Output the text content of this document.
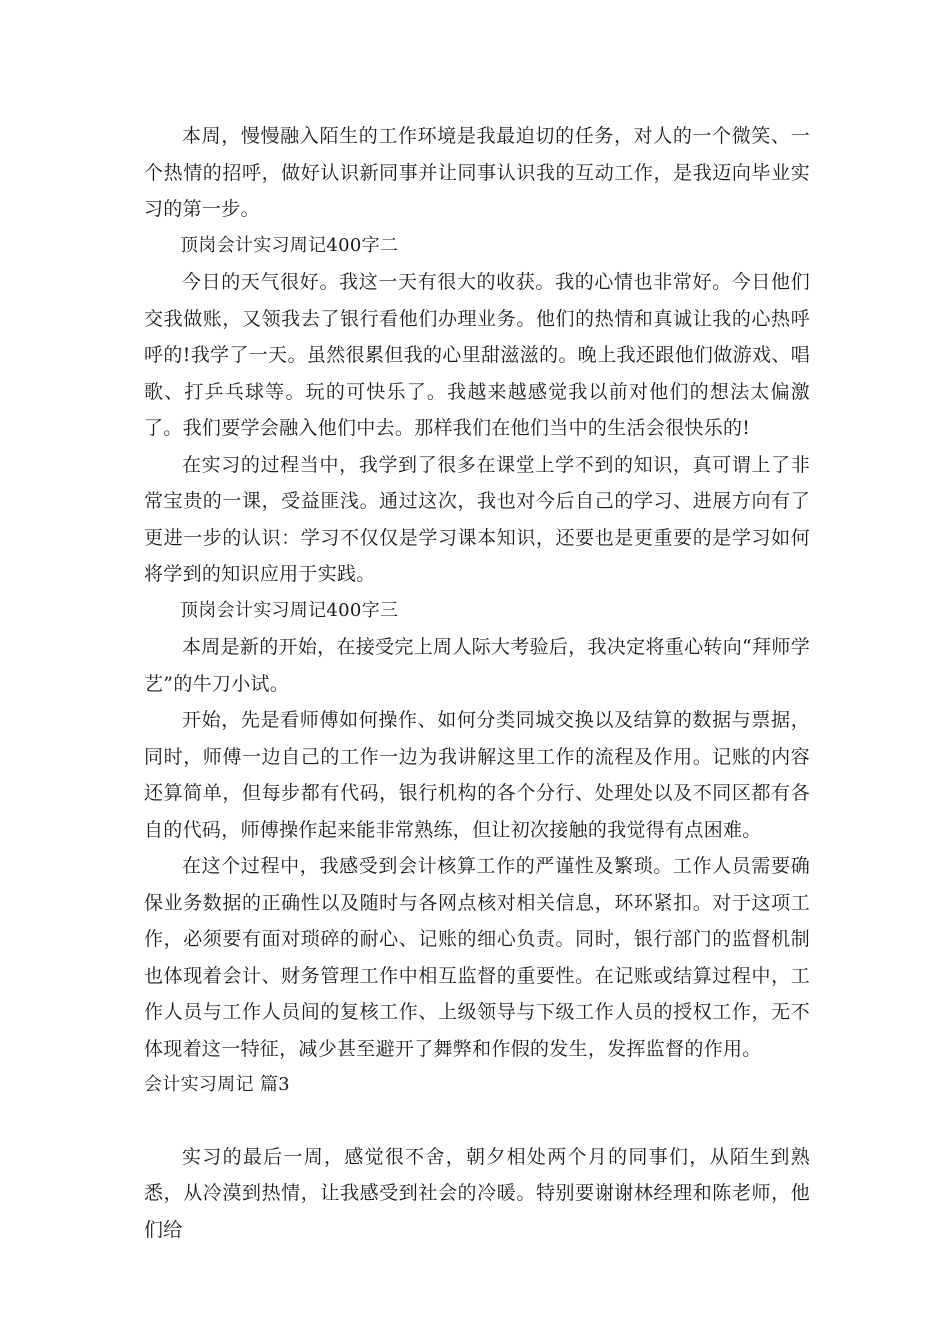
本周，慢慢融入陌生的工作环境是我最迫切的任务，对人的一个微笑、一个热情的招呼，做好认识新同事并让同事认识我的互动工作，是我迈向毕业实习的第一步。

顶岗会计实习周记400字二

今日的天气很好。我这一天有很大的收获。我的心情也非常好。今日他们交我做账，又领我去了银行看他们办理业务。他们的热情和真诚让我的心热呼呼的!我学了一天。虽然很累但我的心里甜滋滋的。晚上我还跟他们做游戏、唱歌、打乒乓球等。玩的可快乐了。我越来越感觉我以前对他们的想法太偏激了。我们要学会融入他们中去。那样我们在他们当中的生活会很快乐的!

在实习的过程当中，我学到了很多在课堂上学不到的知识，真可谓上了非常宝贵的一课，受益匪浅。通过这次，我也对今后自己的学习、进展方向有了更进一步的认识：学习不仅仅是学习课本知识，还要也是更重要的是学习如何将学到的知识应用于实践。

顶岗会计实习周记400字三

本周是新的开始，在接受完上周人际大考验后，我决定将重心转向“拜师学艺”的牛刀小试。

开始，先是看师傅如何操作、如何分类同城交换以及结算的数据与票据，同时，师傅一边自己的工作一边为我讲解这里工作的流程及作用。记账的内容还算简单，但每步都有代码，银行机构的各个分行、处理处以及不同区都有各自的代码，师傅操作起来能非常熟练，但让初次接触的我觉得有点困难。

在这个过程中，我感受到会计核算工作的严谨性及繁琐。工作人员需要确保业务数据的正确性以及随时与各网点核对相关信息，环环紧扣。对于这项工作，必须要有面对琐碎的耐心、记账的细心负责。同时，银行部门的监督机制也体现着会计、财务管理工作中相互监督的重要性。在记账或结算过程中，工作人员与工作人员间的复核工作、上级领导与下级工作人员的授权工作，无不体现着这一特征，减少甚至避开了舞弊和作假的发生，发挥监督的作用。

会计实习周记 篇3

实习的最后一周，感觉很不舍，朝夕相处两个月的同事们，从陌生到熟悉，从冷漠到热情，让我感受到社会的冷暖。特别要谢谢林经理和陈老师，他们给
